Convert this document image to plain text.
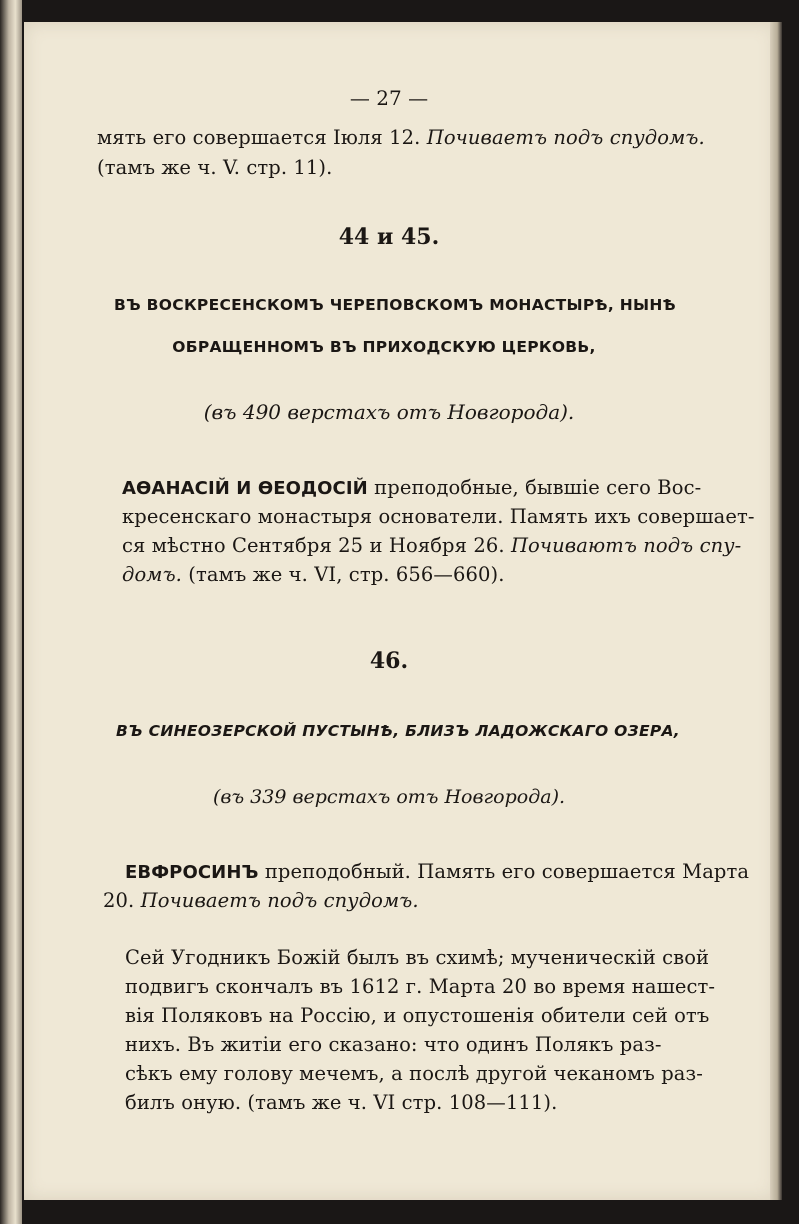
— 27 —
мять его совершается Іюля 12. Почиваетъ подъ спудомъ.
(тамъ же ч. V. стр. 11).
44 и 45.
ВЪ ВОСКРЕСЕНСКОМЪ ЧЕРЕПОВСКОМЪ МОНАСТЫРѢ, НЫНѢ
ОБРАЩЕННОМЪ ВЪ ПРИХОДСКУЮ ЦЕРКОВЬ,
(въ 490 верстахъ отъ Новгорода).
АѲАНАСІЙ И ѲЕОДОСІЙ преподобные, бывшіе сего Вос-
кресенскаго монастыря основатели. Память ихъ совершает-
ся мѣстно Сентября 25 и Ноября 26. Почиваютъ подъ спу-
домъ. (тамъ же ч. VI, стр. 656—660).
46.
ВЪ СИНЕОЗЕРСКОЙ ПУСТЫНѢ, БЛИЗЪ ЛАДОЖСКАГО ОЗЕРА,
(въ 339 верстахъ отъ Новгорода).
ЕВФРОСИНЪ преподобный. Память его совершается Марта
20. Почиваетъ подъ спудомъ.
Сей Угодникъ Божій былъ въ схимѣ; мученическій свой
подвигъ скончалъ въ 1612 г. Марта 20 во время нашест-
вія Поляковъ на Россію, и опустошенія обители сей отъ
нихъ. Въ житіи его сказано: что одинъ Полякъ раз-
сѣкъ ему голову мечемъ, а послѣ другой чеканомъ раз-
билъ оную. (тамъ же ч. VI стр. 108—111).
